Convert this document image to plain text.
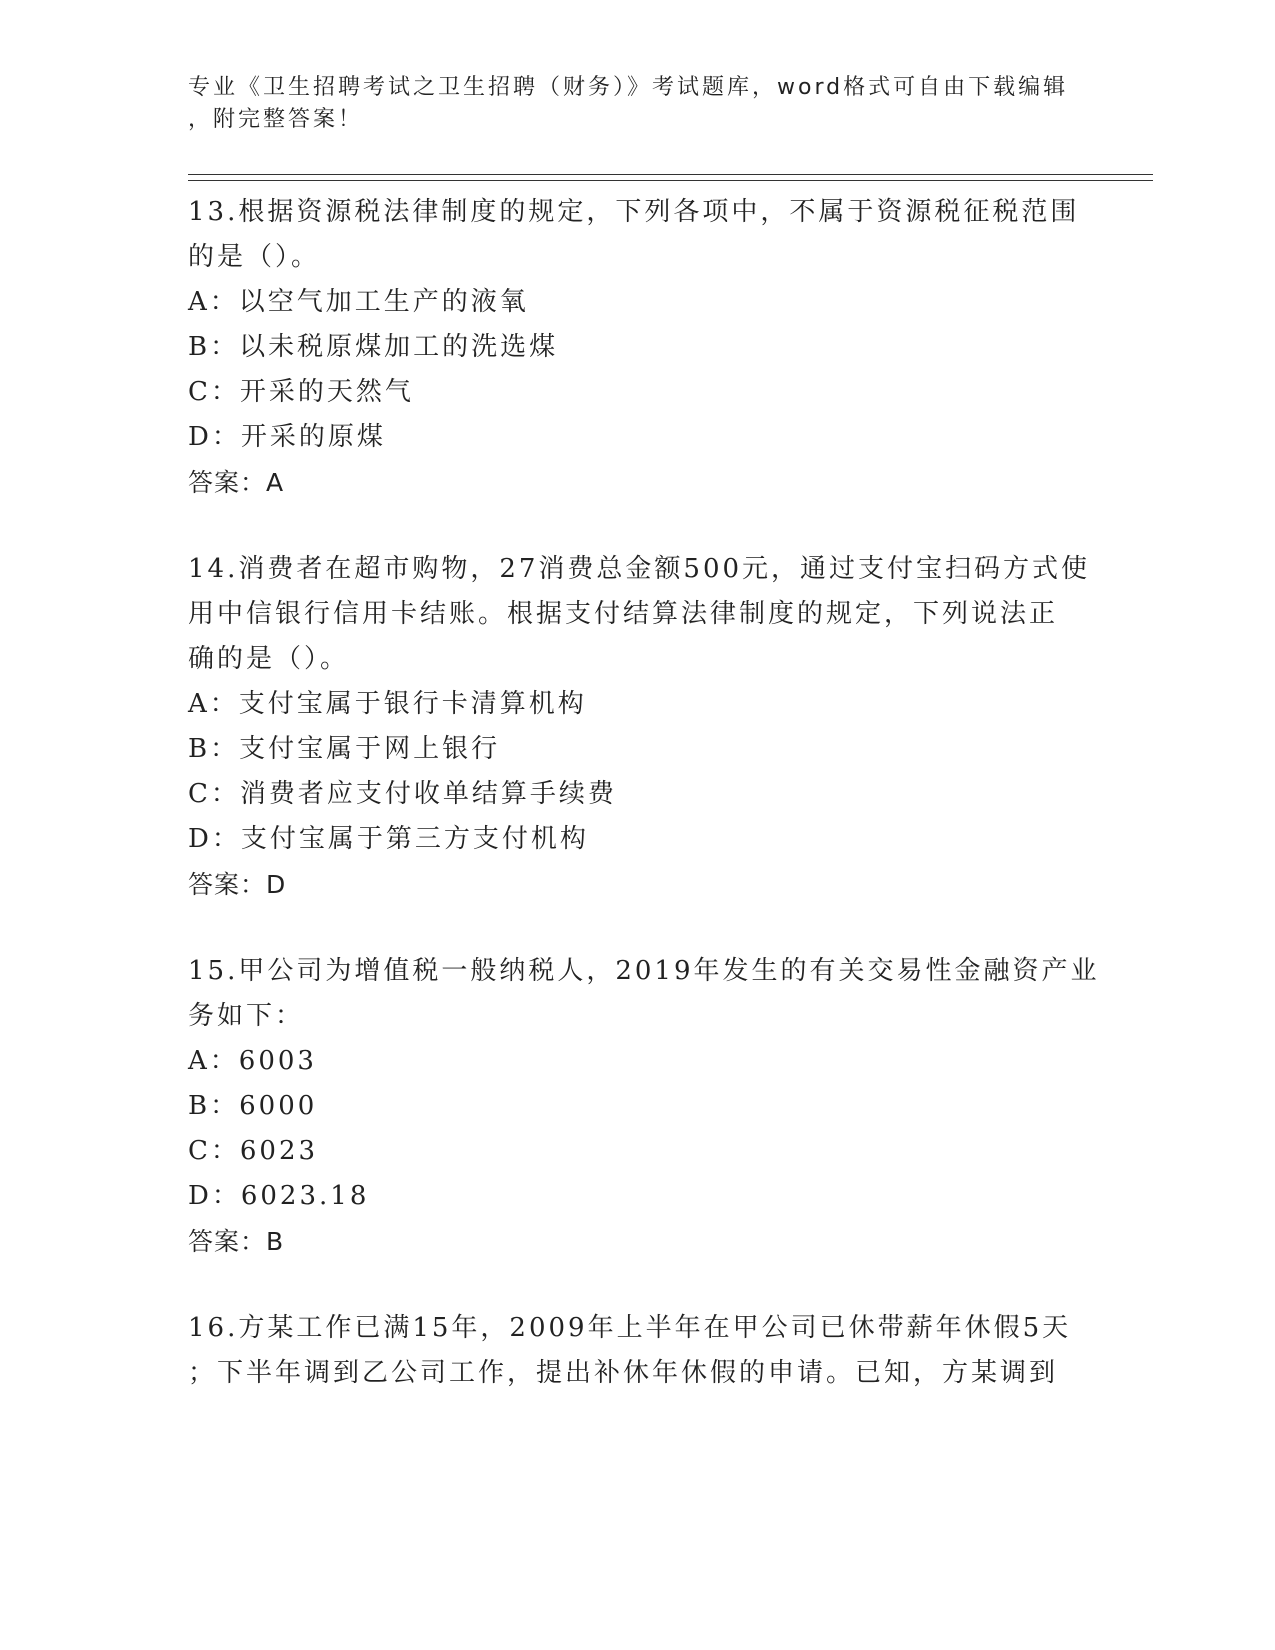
专业《卫生招聘考试之卫生招聘（财务）》考试题库，word格式可自由下载编辑
，附完整答案！
13.根据资源税法律制度的规定，下列各项中，不属于资源税征税范围
的是（）。
A：以空气加工生产的液氧
B：以未税原煤加工的洗选煤
C：开采的天然气
D：开采的原煤
答案：A
14.消费者在超市购物，27消费总金额500元，通过支付宝扫码方式使
用中信银行信用卡结账。根据支付结算法律制度的规定，下列说法正
确的是（）。
A：支付宝属于银行卡清算机构
B：支付宝属于网上银行
C：消费者应支付收单结算手续费
D：支付宝属于第三方支付机构
答案：D
15.甲公司为增值税一般纳税人，2019年发生的有关交易性金融资产业
务如下：
A：6003
B：6000
C：6023
D：6023.18
答案：B
16.方某工作已满15年，2009年上半年在甲公司已休带薪年休假5天
；下半年调到乙公司工作，提出补休年休假的申请。已知，方某调到
